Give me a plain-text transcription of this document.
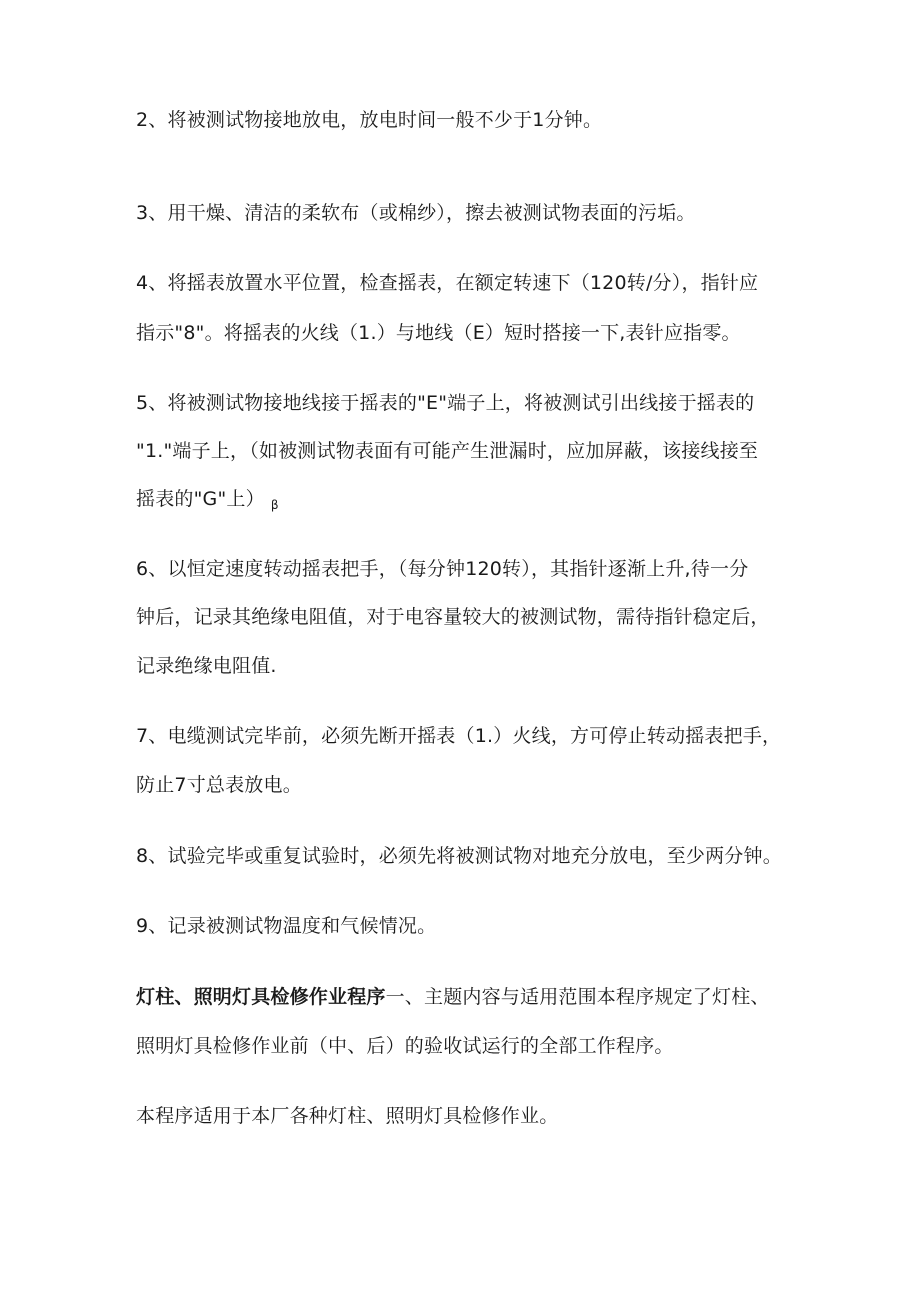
2、将被测试物接地放电，放电时间一般不少于1分钟。
3、用干燥、清洁的柔软布（或棉纱），擦去被测试物表面的污垢。
4、将摇表放置水平位置，检查摇表，在额定转速下（120转/分），指针应
指示"8"。将摇表的火线（1.）与地线（E）短时搭接一下,表针应指零。
5、将被测试物接地线接于摇表的"E"端子上，将被测试引出线接于摇表的
"1."端子上，（如被测试物表面有可能产生泄漏时，应加屏蔽，该接线接至
摇表的"G"上） $_\beta$
6、以恒定速度转动摇表把手，（每分钟120转），其指针逐渐上升,待一分
钟后，记录其绝缘电阻值，对于电容量较大的被测试物，需待指针稳定后，
记录绝缘电阻值.
7、电缆测试完毕前，必须先断开摇表（1.）火线，方可停止转动摇表把手，
防止7寸总表放电。
8、试验完毕或重复试验时，必须先将被测试物对地充分放电，至少两分钟。
9、记录被测试物温度和气候情况。
灯柱、照明灯具检修作业程序一、主题内容与适用范围本程序规定了灯柱、
照明灯具检修作业前（中、后）的验收试运行的全部工作程序。
本程序适用于本厂各种灯柱、照明灯具检修作业。
